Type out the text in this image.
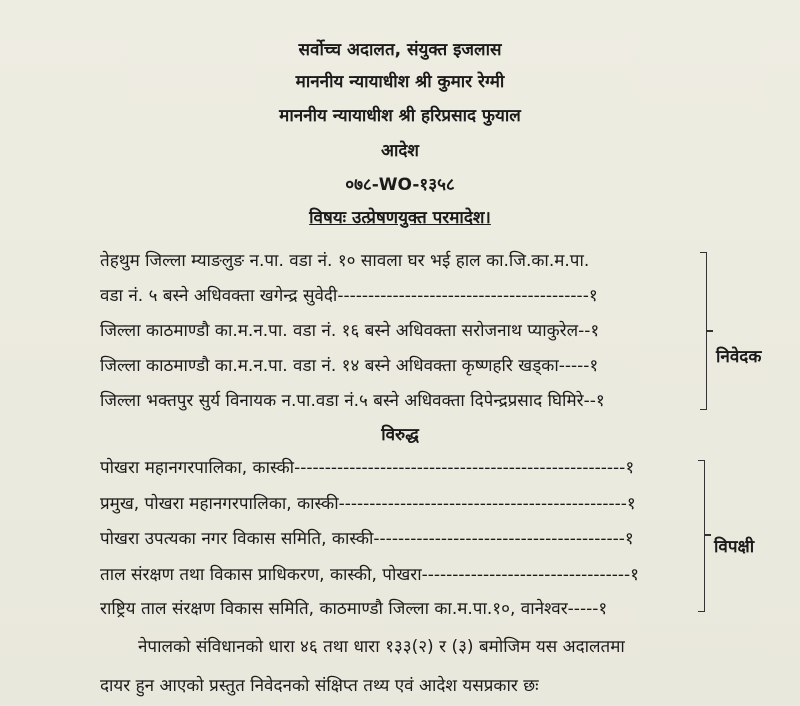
सर्वोच्च अदालत, संयुक्त इजलास
माननीय न्यायाधीश श्री कुमार रेग्मी
माननीय न्यायाधीश श्री हरिप्रसाद फुयाल
आदेश
०७८-WO-१३५८
विषयः उत्प्रेषणयुक्त परमादेश।
तेहथुम जिल्ला म्याङलुङ न.पा. वडा नं. १० सावला घर भई हाल का.जि.का.म.पा.
वडा नं. ५ बस्ने अधिवक्ता खगेन्द्र सुवेदी-----------------------------------------१
जिल्ला काठमाण्डौ का.म.न.पा. वडा नं. १६ बस्ने अधिवक्ता सरोजनाथ प्याकुरेल--१
जिल्ला काठमाण्डौ का.म.न.पा. वडा नं. १४ बस्ने अधिवक्ता कृष्णहरि खड्का-----१
जिल्ला भक्तपुर सुर्य विनायक न.पा.वडा नं.५ बस्ने अधिवक्ता दिपेन्द्रप्रसाद घिमिरे--१
निवेदक
विरुद्ध
पोखरा महानगरपालिका, कास्की------------------------------------------------------१
प्रमुख, पोखरा महानगरपालिका, कास्की-----------------------------------------------१
पोखरा उपत्यका नगर विकास समिति, कास्की-----------------------------------------१
ताल संरक्षण तथा विकास प्राधिकरण, कास्की, पोखरा----------------------------------१
राष्ट्रिय ताल संरक्षण विकास समिति, काठमाण्डौ जिल्ला का.म.पा.१०, वानेश्वर-----१
विपक्षी
नेपालको संविधानको धारा ४६ तथा धारा १३३(२) र (३) बमोजिम यस अदालतमा
दायर हुन आएको प्रस्तुत निवेदनको संक्षिप्त तथ्य एवं आदेश यसप्रकार छः
